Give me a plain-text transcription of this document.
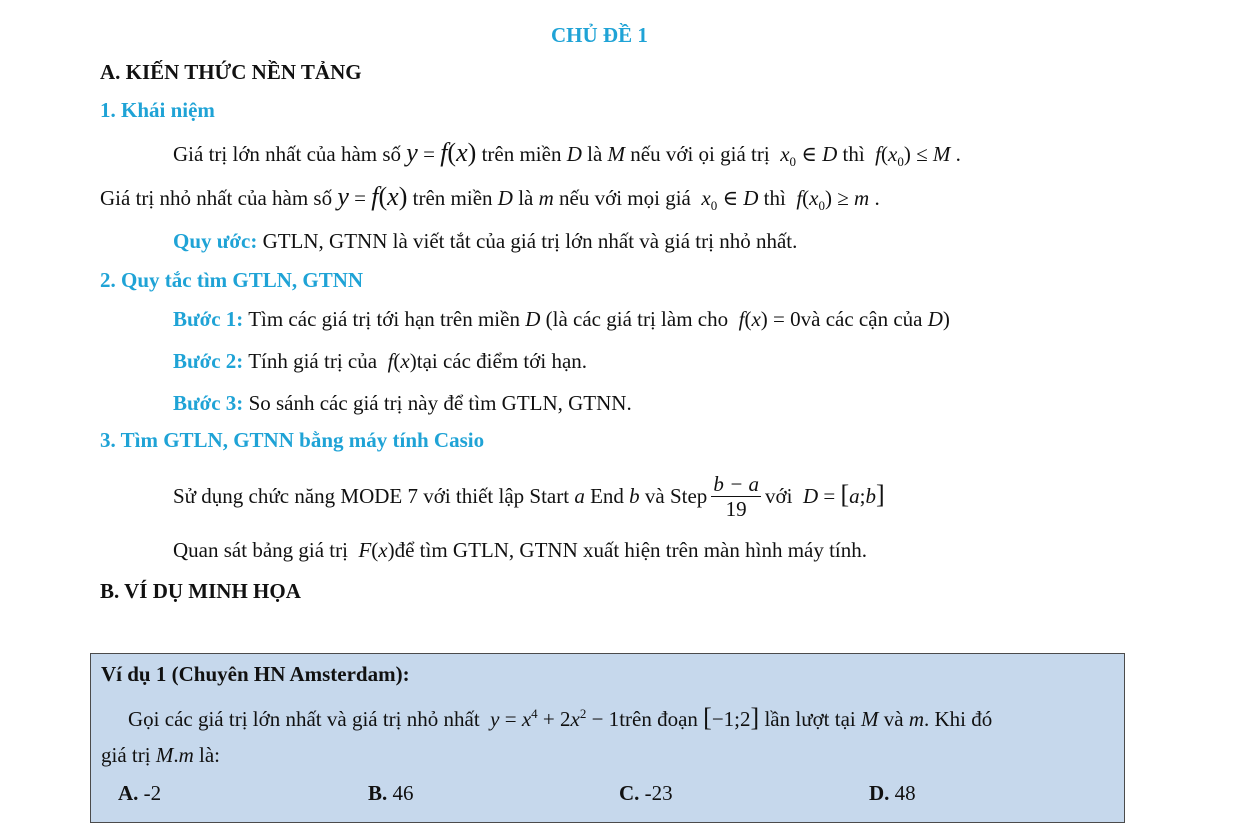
CHỦ ĐỀ 1
A. KIẾN THỨC NỀN TẢNG
1. Khái niệm
Giá trị lớn nhất của hàm số y = f(x) trên miền D là M nếu với ọi giá trị $x_0$ ∈ D thì $f(x_0) \le M$ .
Giá trị nhỏ nhất của hàm số y = f(x) trên miền D là m nếu với mọi giá $x_0$ ∈ D thì $f(x_0) \ge m$ .
Quy ước: GTLN, GTNN là viết tắt của giá trị lớn nhất và giá trị nhỏ nhất.
2. Quy tắc tìm GTLN, GTNN
Bước 1: Tìm các giá trị tới hạn trên miền D (là các giá trị làm cho f(x) = 0và các cận của D)
Bước 2: Tính giá trị của f(x)tại các điểm tới hạn.
Bước 3: So sánh các giá trị này để tìm GTLN, GTNN.
3. Tìm GTLN, GTNN bằng máy tính Casio
Sử dụng chức năng MODE 7 với thiết lập Start a End b và Step $\frac{b - a}{19}$ với D = [a;b]
Quan sát bảng giá trị F(x)để tìm GTLN, GTNN xuất hiện trên màn hình máy tính.
B. VÍ DỤ MINH HỌA
Ví dụ 1 (Chuyên HN Amsterdam):
Gọi các giá trị lớn nhất và giá trị nhỏ nhất $y = x^4 + 2x^2$ − 1trên đoạn [−1;2] lần lượt tại M và m. Khi đó
giá trị M.m là:
A. -2	B. 46	C. -23	D. 48
